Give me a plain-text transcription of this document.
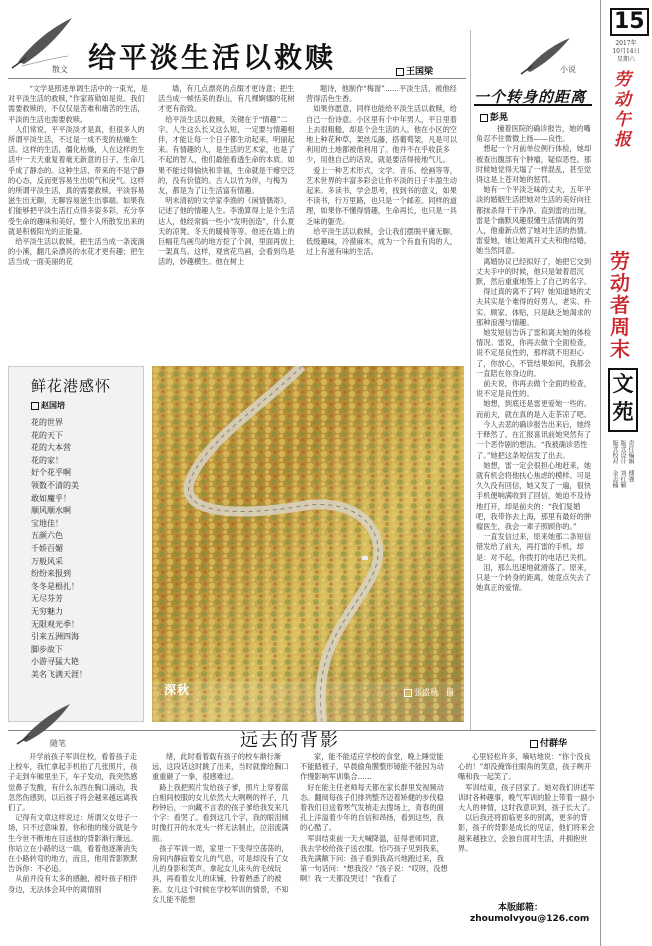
散文 给平淡生活以救赎	王国梁

　“文学是照进单调生活中的一束光，是对平淡生活的救赎，”作家蒋勋如是说。我们需要救赎的，不仅仅是苦难和痛苦的生活，平淡的生活也需要救赎。
　人们常说，平平淡淡才是真，但很多人的所谓平淡生活，不过是一成不变的枯燥生活。这样的生活，僵化枯燥，人在这样的生活中一天天重复着毫无新意的日子，生命几乎成了静态的。这种生活，带来的不是宁静的心态，反而更容易生出烦气和戾气。这样的所谓平淡生活，真的需要救赎。平淡容易滋生出无聊，无聊容易滋生出事端。如果我们能够把平淡生活打点得多姿多彩，充分享受生命的趣味和美好，整个人所散发出来的就是积极阳光的正能量。
　给平淡生活以救赎，把生活当成一条流淌的小溪，翻几朵漂亮的水花才更有趣；把生活当成一面美丽的花

墙，有几点漂亮的点缀才更诗意；把生活当成一帧恬美的春山，有几棵婀娜的花树才更有韵致。
　给平淡生活以救赎，关键在于“情趣”二字。人生这么长又这么短，一定要与情趣相伴，才能让每一个日子都生动起来，明丽起来。有情趣的人，是生活的艺术家，也是了不起的智人，他们最能看透生命的本质。如果不能过得愉快和幸福，生命就是干瘪空泛的，没有价值的。古人以竹为伴，与梅为友，都是为了让生活富有情趣。
　明末清初的文学家李渔的《闲情偶寄》，记述了他的情趣人生。李渔算得上是个生活达人，他经常搞一些小“发明创造”，什么夏天的凉凳、冬天的暖椅等等。他还在墙上的巨幅花鸟画鸟的地方挖了个洞，里面再放上一架真鸟。这样，观赏花鸟画，会看到鸟是活的，妙趣横生。他在树上

题诗，他制作“梅窗”……平淡生活，被他经营得活色生香。
　如果你愿意，同样也能给平淡生活以救赎，给自己一份诗意。小区里有个中年男人，平日里着上去很粗糙，却是个会生活的人。他在小区的空地上种花种草，架丝瓜藤，搭葡萄架，凡是可以利用的土地都被他利用了。他并不在乎收获多少，用他自己的话说，就是要活得接地气儿。
　爱上一种艺术形式，文学、音乐、绘画等等，艺术世界的丰富多彩会让你平淡的日子丰盈生动起来。多读书，学会思考，找到书的意义，如果不读书，行万里路，也只是一个邮差。同样的道理，如果你不懂得情趣，生命再长，也只是一具乏味的躯壳。
　给平淡生活以救赎，会让我们摆脱平庸无聊、低级趣味，冷漠麻木，成为一个有血有肉的人，过上有滋有味的生活。

小说
一个转身的距离
彭晃

　撞着医院的确诊报告，她的嘴角忍不住微微上扬——良性。
　想起一个月前单位例行体检，她却被查出腹部有个肿瘤，疑似恶性。那时候她觉得天塌了一样混乱，甚至觉得这是上苍对她的惩罚。
　她有一个平淡乏味的丈夫，五年平淡的婚姻生活把她对生活的美好向往都抹杀得干干净净。直到雷的出现，雷是个幽默风趣很懂生活情调的男人，他重新点燃了她对生活的热情。雷爱她，她让她离开丈夫和他结婚，她当然同意。
　离婚协议已经拟好了，她把它交到丈夫手中的时候，他只是皱着眉沉默，然后重重地签上了自己的名字。
　得过真的离不了吗？她知道她的丈夫其实是个难得的好男人，老实、朴实、顾家、体贴，只是缺乏她渴求的那种浪漫与情趣。
　她发短信告诉了雷和离夫她的体检情况。雷说，你再去做个全面检查，说不定是良性的，那样就不用担心了，你放心，不管结果如何，我都会一直陪在你身边的。
　前夫说，你再去做个全面的检查，说不定是良性的。
　她想，到底还是雷更爱她一些的。而前夫，就在真的是入走茶凉了吧。
　今人去悲的确诊报告出来后，她终于释然了。在汇报喜讯前她突然有了一个恶作剧的想法。“我被确诊恶性了。”她把这条短信发了出去。
　她想，雷一定会很担心地赶来，她就有机会将他扶心焦虑的模样。可是久久没有回信，她又发了一遍，很快手机便响满收到了回信，她迫不及待地打开，却是前夫的：“我们复婚吧，我带你去上海，那里有最好的肿瘤医生，我会一辈子照顾你的。”
　一直发信过来，原来她那二条短信错发给了前夫，再打雷的手机，却是：对不起，你拨打的电话已关机。
　泪，那么迅速地就滑落了。原来，只是一个转身的距离，她竟点失去了她真正的爱情。

15
2017年
10月14日
星期六
劳动午报
劳动者周末
文苑
责任编辑　傅强
版式设计　刘红颖
版式校对　金志楠
鲜花港感怀
赵国培
花的世界
花的天下
花的大本营
花的家！
好个花乎啊
领数不清的美
敢如魔乎！
顺风顺水啊
宝地佳！
五颜六色
千娇百媚
万般风采
纷纷来报到
冬冬是根扎！
无尽芬芳
无穷魅力
无限观光季！
引来五洲四海
脚步故下
小游寻猛大艳
美名飞满天涯！
深秋	张盛秋　摄
随笔	远去的背影	付群华

　开学前孩子军训住校，看着孩子走上校车，我忙拿起手机拍了几张照片，孩子走到车厢里坐下，车子发动，我突然感觉鼻子发酸，有什么东西在胸口涌动，我忽然伤感到，以后孩子将会越来越远离我们了。
　记得有文章这样说过：所谓父女母子一场，只不过意味着，你和他的缘分就是今生今世不断地在目送他的背影渐行渐远。你站立在小路的这一端，看着他逐渐消失在小路转弯的地方，而且，他用背影默默告诉你：不必追。
　从前并没有太多的感触，被叶孩子相伴身边，无法体会其中的离情别

绪，此时看着载有孩子的校车渐行渐远，这段话这时跳了出来，当时就像给胸口重重砸了一拳，很感难过。
　路上我把照片发给孩子爹，照片上穿着蓝白相间校服的女儿依然大大咧咧的样子，几秒钟后，一向藏不言表的孩子爹给我发来几个字：看哭了。看到这几个字，我的眼泪倾时像打开的水龙头一样无法制止，泣泪流满面。
　孩子军训一周，家里一下变得空荡荡的，房间内静寂着女儿的气息，可是却没有了女儿的身影和笑声。拿起女儿床头的毛绒玩具，再看着女儿的床铺，铃着熟悉了的被套。女儿这个时候在学校军训的情景，不知女儿能不能想

家，能不能适应学校的食堂，晚上睡觉能不能踏被子，早晨偷角膜整形镜能不能因为动作慢影响军训集合……
　好在能主任老师每天都在家长群里发视频动态。翻阅每孩子们排列整齐迈着矫健的步伐稳着我们目送着寒气发梢走去搜场上，青春的面孔上洋溢着少年的自信和昂扬，看到这些，我的心酷了。
　军训结束前一天大喊降温，征得老师同意，我去学校给孩子送衣服。恰巧孩子见到我来，我先满额下问：孩子看到我高兴地跑过来，我第一句话问：“想我没？”孩子说：“哎呀，没想啊！我一天都没哭过！”我看了

心里轻松许多，嘀咕地说：“你个没良心的！”却没掩饰住眼角的笑意，孩子咧开嘴和我一起笑了。
　军训结束，孩子回家了。她对我们讲述军训时各种趣事，晚气军训的脸上带着一副小大人的神情，这时我意识到，孩子长大了。
　以后我还将面临更多的别离，更多的背影，孩子的背影是成长的见证，他们将来会越来越独立，会独自面对生活，并拥抱世界。

本版邮箱：
zhoumolvyou@126.com
